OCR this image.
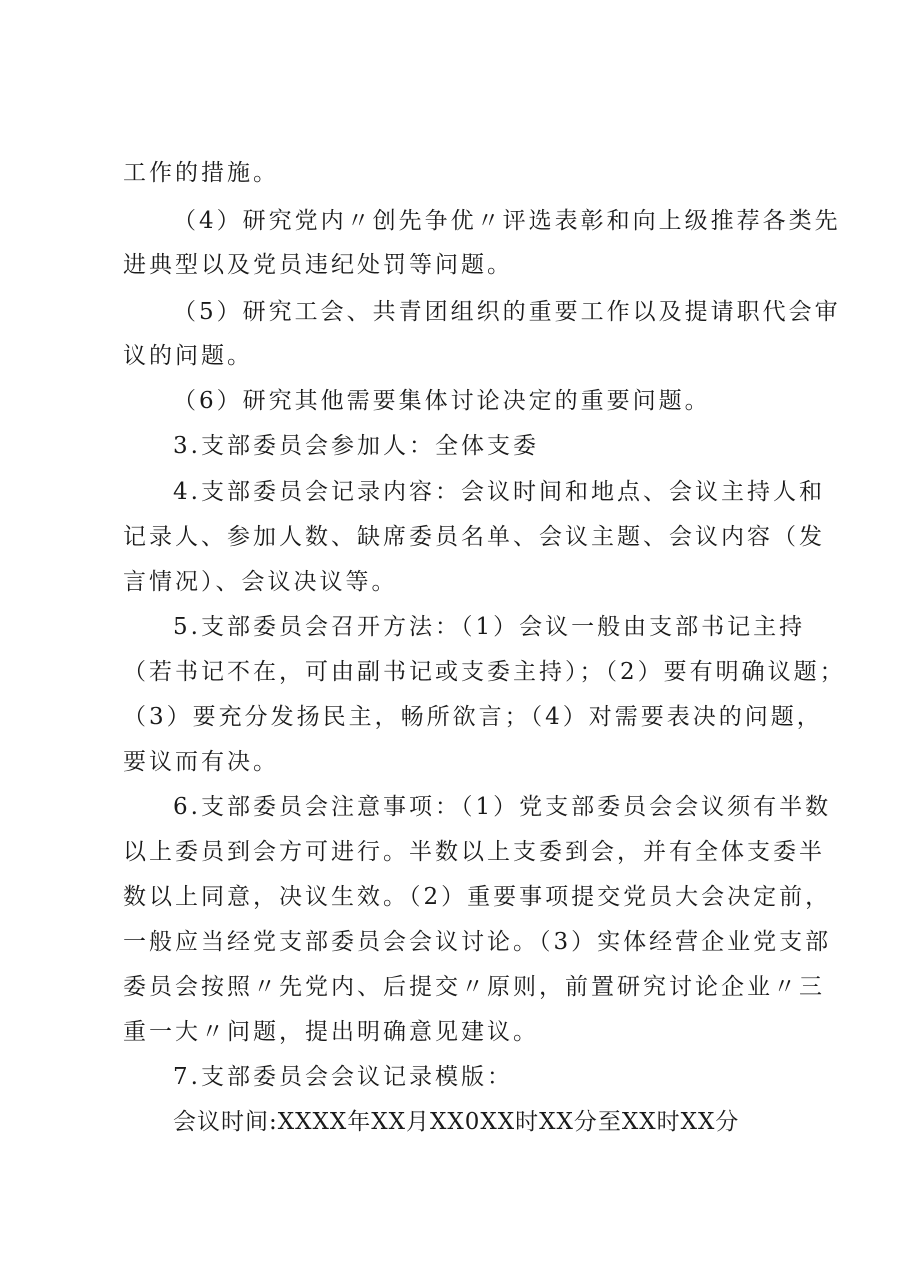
工作的措施。
（4）研究党内〃创先争优〃评选表彰和向上级推荐各类先
进典型以及党员违纪处罚等问题。
（5）研究工会、共青团组织的重要工作以及提请职代会审
议的问题。
（6）研究其他需要集体讨论决定的重要问题。
3.支部委员会参加人：全体支委
4.支部委员会记录内容：会议时间和地点、会议主持人和
记录人、参加人数、缺席委员名单、会议主题、会议内容（发
言情况）、会议决议等。
5.支部委员会召开方法：（1）会议一般由支部书记主持
（若书记不在，可由副书记或支委主持）；（2）要有明确议题；
（3）要充分发扬民主，畅所欲言；（4）对需要表决的问题，
要议而有决。
6.支部委员会注意事项：（1）党支部委员会会议须有半数
以上委员到会方可进行。半数以上支委到会，并有全体支委半
数以上同意，决议生效。（2）重要事项提交党员大会决定前，
一般应当经党支部委员会会议讨论。（3）实体经营企业党支部
委员会按照〃先党内、后提交〃原则，前置研究讨论企业〃三
重一大〃问题，提出明确意见建议。
7.支部委员会会议记录模版：
会议时间:XXXX年XX月XX0XX时XX分至XX时XX分
